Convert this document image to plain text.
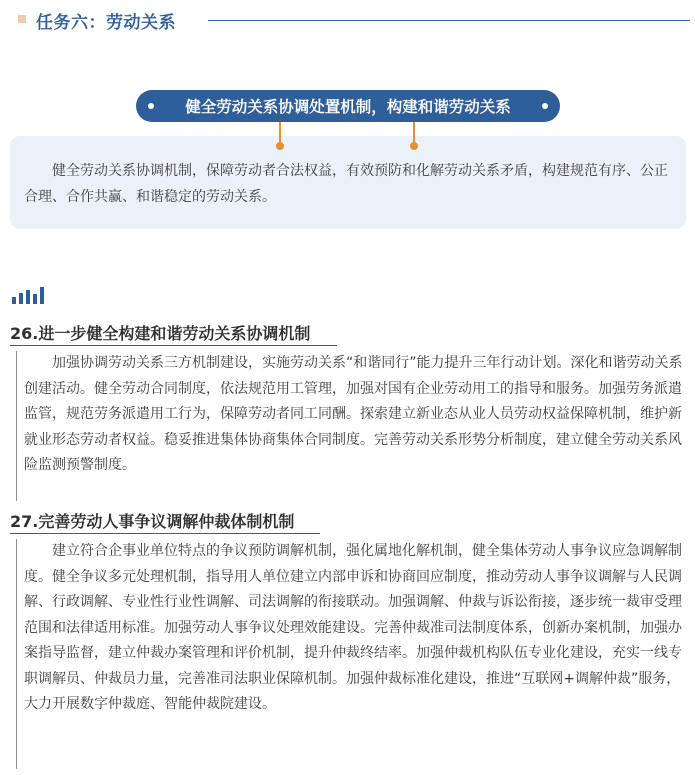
任务六：劳动关系
健全劳动关系协调处置机制，构建和谐劳动关系

健全劳动关系协调机制，保障劳动者合法权益，有效预防和化解劳动关系矛盾，构建规范有序、公正合理、合作共赢、和谐稳定的劳动关系。

26.进一步健全构建和谐劳动关系协调机制

加强协调劳动关系三方机制建设，实施劳动关系“和谐同行”能力提升三年行动计划。深化和谐劳动关系创建活动。健全劳动合同制度，依法规范用工管理，加强对国有企业劳动用工的指导和服务。加强劳务派遣监管，规范劳务派遣用工行为，保障劳动者同工同酬。探索建立新业态从业人员劳动权益保障机制，维护新就业形态劳动者权益。稳妥推进集体协商集体合同制度。完善劳动关系形势分析制度，建立健全劳动关系风险监测预警制度。

27.完善劳动人事争议调解仲裁体制机制

建立符合企事业单位特点的争议预防调解机制，强化属地化解机制，健全集体劳动人事争议应急调解制度。健全争议多元处理机制，指导用人单位建立内部申诉和协商回应制度，推动劳动人事争议调解与人民调解、行政调解、专业性行业性调解、司法调解的衔接联动。加强调解、仲裁与诉讼衔接，逐步统一裁审受理范围和法律适用标准。加强劳动人事争议处理效能建设。完善仲裁准司法制度体系，创新办案机制，加强办案指导监督，建立仲裁办案管理和评价机制，提升仲裁终结率。加强仲裁机构队伍专业化建设，充实一线专职调解员、仲裁员力量，完善准司法职业保障机制。加强仲裁标准化建设，推进“互联网+调解仲裁”服务，大力开展数字仲裁庭、智能仲裁院建设。
